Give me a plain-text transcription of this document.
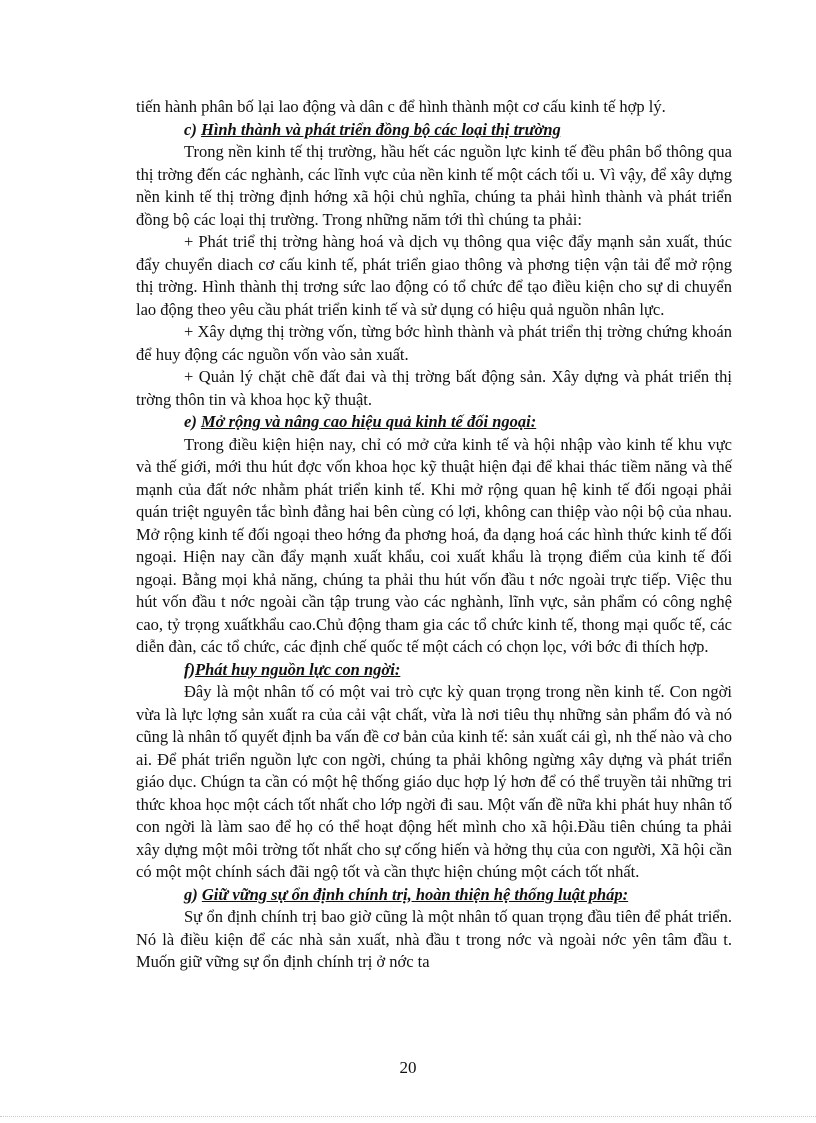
tiến hành phân bố lại lao động và dân c để hình thành một cơ cấu kinh tế hợp lý.

c) Hình thành và phát triển đồng bộ các loại thị trường

Trong nền kinh tế thị trường, hầu hết các nguồn lực kinh tế đều phân bổ thông qua thị trờng đến các nghành, các lĩnh vực của nền kinh tế một cách tối u. Vì vậy, để xây dựng nền kinh tế thị trờng định hớng xã hội chủ nghĩa, chúng ta phải hình thành và phát triển đồng bộ các loại thị trường. Trong những năm tới thì chúng ta phải:

+ Phát triể thị trờng hàng hoá và dịch vụ thông qua việc đẩy mạnh sản xuất, thúc đẩy chuyển diach cơ cấu kinh tế, phát triển giao thông và phơng tiện vận tải để mở rộng thị trờng. Hình thành thị trơng sức lao động có tổ chức để tạo điều kiện cho sự di chuyển lao động theo yêu cầu phát triển kinh tế và sử dụng có hiệu quả nguồn nhân lực.

+ Xây dựng thị trờng vốn, từng bớc hình thành và phát triển thị trờng chứng khoán để huy động các nguồn vốn vào sản xuất.

+ Quản lý chặt chẽ đất đai và thị trờng bất động sản. Xây dựng và phát triển thị trờng thôn tin và khoa học kỹ thuật.

e) Mở rộng và nâng cao hiệu quả kinh tế đối ngoại:

Trong điều kiện hiện nay, chỉ có mở cửa kinh tế và hội nhập vào kinh tế khu vực và thế giới, mới thu hút đợc vốn khoa học kỹ thuật hiện đại để khai thác tiềm năng và thế mạnh của đất nớc nhằm phát triển kinh tế. Khi mở rộng quan hệ kinh tế đối ngoại phải quán triệt nguyên tắc bình đẳng hai bên cùng có lợi, không can thiệp vào nội bộ của nhau. Mở rộng kinh tế đối ngoại theo hớng đa phơng hoá, đa dạng hoá các hình thức kinh tế đối ngoại. Hiện nay cần đẩy mạnh xuất khẩu, coi xuất khẩu là trọng điểm của kinh tế đối ngoại. Bằng mọi khả năng, chúng ta phải thu hút vốn đầu t nớc ngoài trực tiếp. Việc thu hút vốn đầu t nớc ngoài cần tập trung vào các nghành, lĩnh vực, sản phẩm có công nghệ cao, tỷ trọng xuấtkhẩu cao.Chủ động tham gia các tổ chức kinh tế, thong mại quốc tế, các diễn đàn, các tổ chức, các định chế quốc tế một cách có chọn lọc, với bớc đi thích hợp.

f)Phát huy nguồn lực con ngời:

Đây là một nhân tố có một vai trò cực kỳ quan trọng trong nền kinh tế. Con ngời vừa là lực lợng sản xuất ra của cải vật chất, vừa là nơi tiêu thụ những sản phẩm đó và nó cũng là nhân tố quyết định ba vấn đề cơ bản của kinh tế: sản xuất cái gì, nh thế nào và cho ai. Để phát triển nguồn lực con ngời, chúng ta phải không ngừng xây dựng và phát triển giáo dục. Chúgn ta cần có một hệ thống giáo dục hợp lý hơn để có thể truyền tải những tri thức khoa học một cách tốt nhất cho lớp ngời đi sau. Một vấn đề nữa khi phát huy nhân tố con ngời là làm sao để họ có thể hoạt động hết mình cho xã hội.Đầu tiên chúng ta phải xây dựng một môi trờng tốt nhất cho sự cống hiến và hởng thụ của con người, Xã hội cần có một một chính sách đãi ngộ tốt và cần thực hiện chúng một cách tốt nhất.

g) Giữ vững sự ổn định chính trị, hoàn thiện hệ thống luật pháp:

Sự ổn định chính trị bao giờ cũng là một nhân tố quan trọng đầu tiên để phát triển. Nó là điều kiện để các nhà sản xuất, nhà đầu t trong nớc và ngoài nớc yên tâm đầu t. Muốn giữ vững sự ổn định chính trị ở nớc ta

20
